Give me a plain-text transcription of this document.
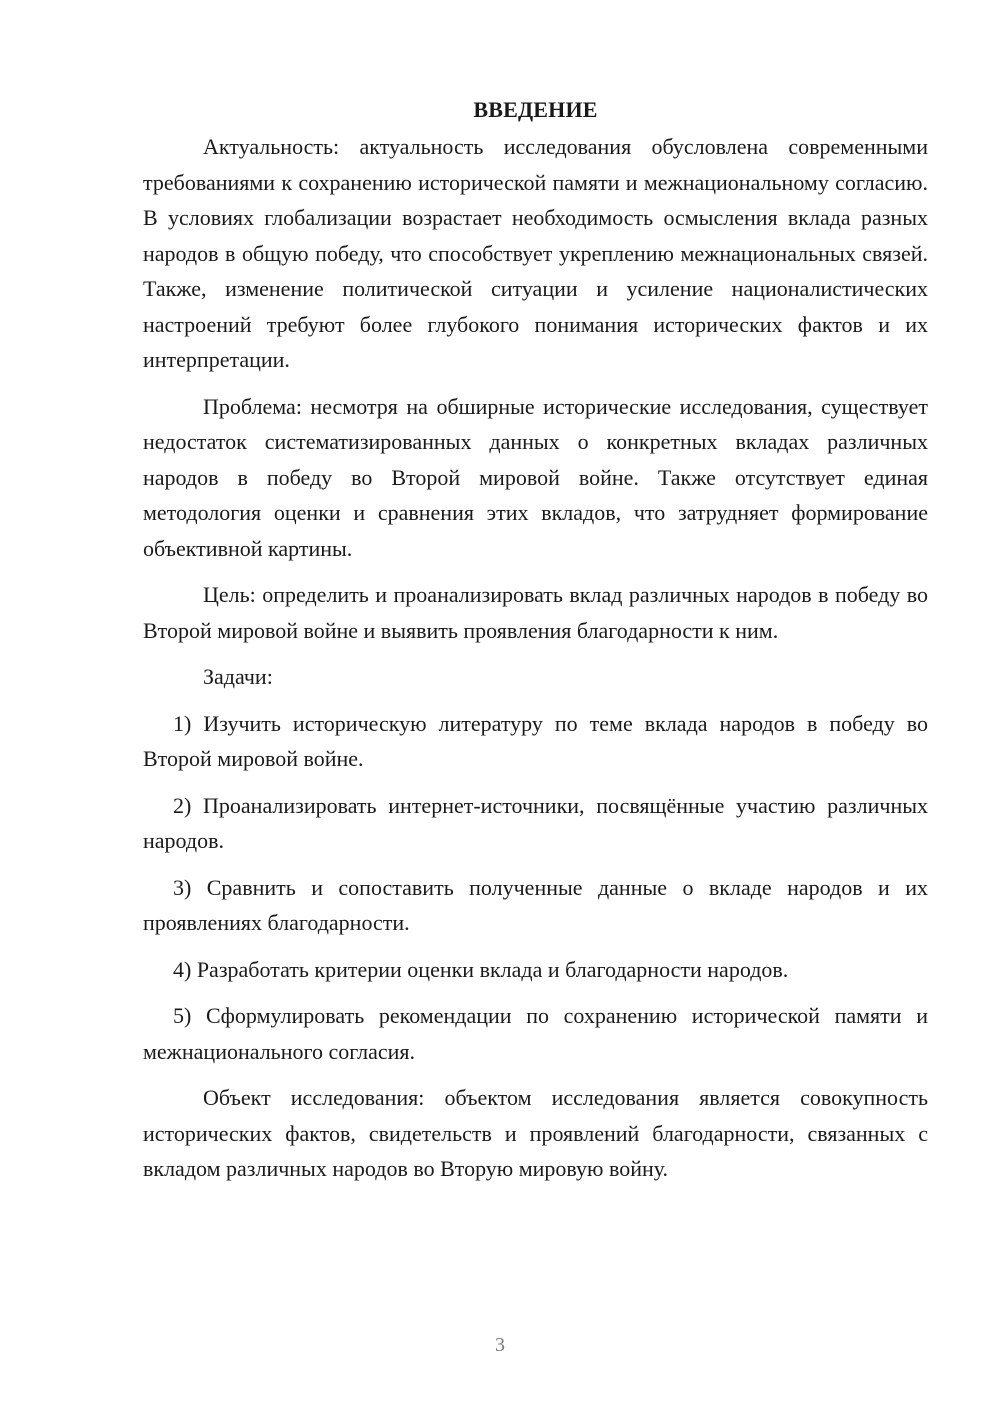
ВВЕДЕНИЕ

Актуальность: актуальность исследования обусловлена современными требованиями к сохранению исторической памяти и межнациональному согласию. В условиях глобализации возрастает необходимость осмысления вклада разных народов в общую победу, что способствует укреплению межнациональных связей. Также, изменение политической ситуации и усиление националистических настроений требуют более глубокого понимания исторических фактов и их интерпретации.

Проблема: несмотря на обширные исторические исследования, существует недостаток систематизированных данных о конкретных вкладах различных народов в победу во Второй мировой войне. Также отсутствует единая методология оценки и сравнения этих вкладов, что затрудняет формирование объективной картины.

Цель: определить и проанализировать вклад различных народов в победу во Второй мировой войне и выявить проявления благодарности к ним.

Задачи:

1) Изучить историческую литературу по теме вклада народов в победу во Второй мировой войне.

2) Проанализировать интернет-источники, посвящённые участию различных народов.

3) Сравнить и сопоставить полученные данные о вкладе народов и их проявлениях благодарности.

4) Разработать критерии оценки вклада и благодарности народов.

5) Сформулировать рекомендации по сохранению исторической памяти и межнационального согласия.

Объект исследования: объектом исследования является совокупность исторических фактов, свидетельств и проявлений благодарности, связанных с вкладом различных народов во Вторую мировую войну.

3
